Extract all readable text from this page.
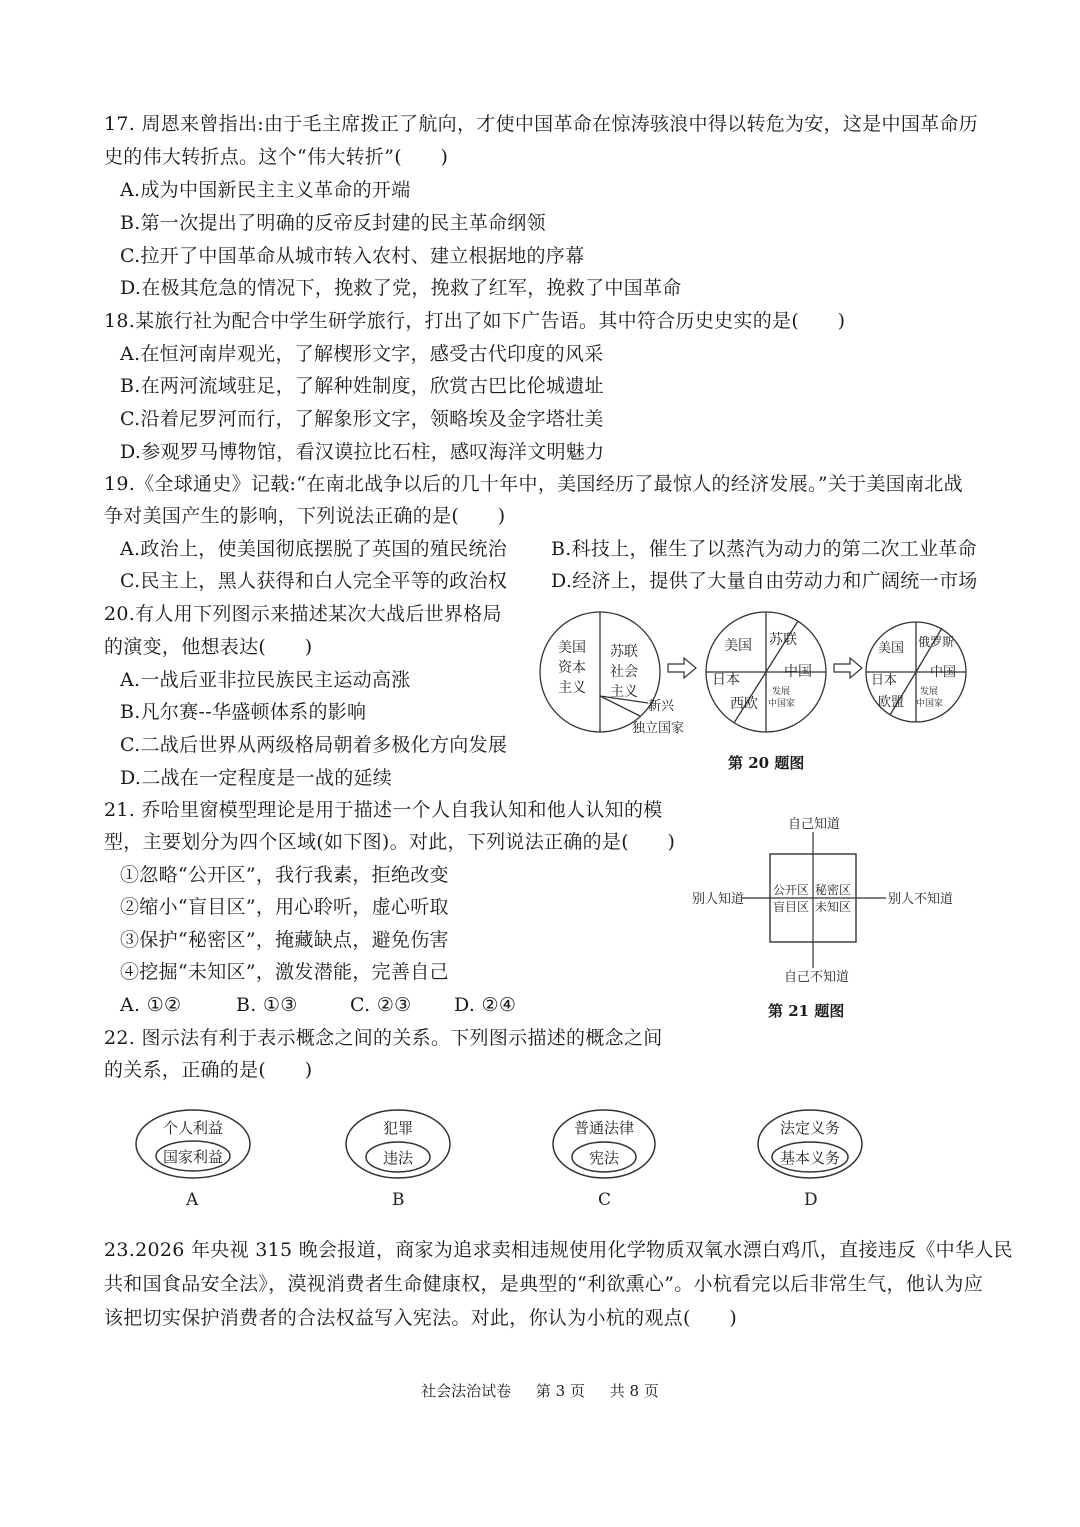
17. 周恩来曾指出:由于毛主席拨正了航向，才使中国革命在惊涛骇浪中得以转危为安，这是中国革命历
史的伟大转折点。这个“伟大转折”(　　)
A.成为中国新民主主义革命的开端
B.第一次提出了明确的反帝反封建的民主革命纲领
C.拉开了中国革命从城市转入农村、建立根据地的序幕
D.在极其危急的情况下，挽救了党，挽救了红军，挽救了中国革命
18.某旅行社为配合中学生研学旅行，打出了如下广告语。其中符合历史史实的是(　　)
A.在恒河南岸观光，了解楔形文字，感受古代印度的风采
B.在两河流域驻足，了解种姓制度，欣赏古巴比伦城遗址
C.沿着尼罗河而行，了解象形文字，领略埃及金字塔壮美
D.参观罗马博物馆，看汉谟拉比石柱，感叹海洋文明魅力
19.《全球通史》记载:“在南北战争以后的几十年中，美国经历了最惊人的经济发展。”关于美国南北战
争对美国产生的影响，下列说法正确的是(　　)
A.政治上，使美国彻底摆脱了英国的殖民统治 B.科技上，催生了以蒸汽为动力的第二次工业革命
C.民主上，黑人获得和白人完全平等的政治权 D.经济上，提供了大量自由劳动力和广阔统一市场
20.有人用下列图示来描述某次大战后世界格局
的演变，他想表达(　　)
A.一战后亚非拉民族民主运动高涨
B.凡尔赛--华盛顿体系的影响
C.二战后世界从两级格局朝着多极化方向发展
D.二战在一定程度是一战的延续
美国
资本
主义
苏联
社会
主义
新兴
独立国家
美国 苏联
中国
日本
西欧
发展
中国家
美国 俄罗斯
中国
日本
欧盟
发展
中国家
第 20 题图
21. 乔哈里窗模型理论是用于描述一个人自我认知和他人认知的模
型，主要划分为四个区域(如下图)。对此，下列说法正确的是(　　)
①忽略“公开区”，我行我素，拒绝改变
②缩小“盲目区”，用心聆听，虚心听取
③保护“秘密区”，掩藏缺点，避免伤害
④挖掘“未知区”，激发潜能，完善自己
A. ①②	B. ①③	C. ②③ D. ②④
自己知道
自己不知道
别人知道	别人不知道
公开区 秘密区
盲目区 未知区
第 21 题图
22. 图示法有利于表示概念之间的关系。下列图示描述的概念之间
的关系，正确的是(　　)
个人利益
国家利益
A
犯罪
违法
B
普通法律
宪法
C
法定义务
基本义务
D
23.2026 年央视 315 晚会报道，商家为追求卖相违规使用化学物质双氧水漂白鸡爪，直接违反《中华人民
共和国食品安全法》，漠视消费者生命健康权，是典型的“利欲熏心”。小杭看完以后非常生气，他认为应
该把切实保护消费者的合法权益写入宪法。对此，你认为小杭的观点(　　)
社会法治试卷 第 3 页 共 8 页
